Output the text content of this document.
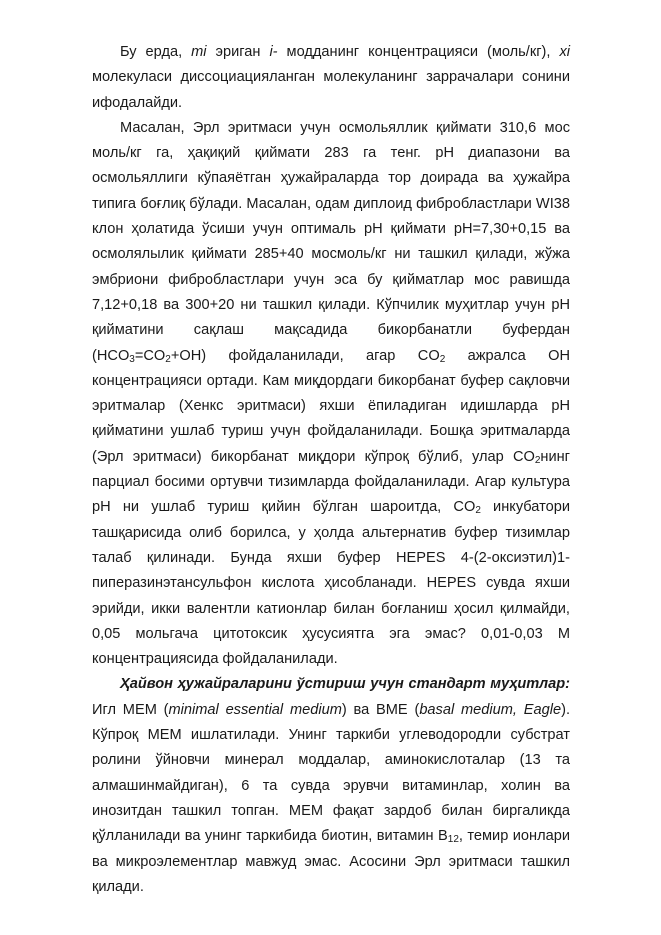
Бу ерда, mi эриган i- модданинг концентрацияси (моль/кг), xi молекуласи диссоциацияланган молекуланинг заррачалари сонини ифодалайди.

Масалан, Эрл эритмаси учун осмольяллик қиймати 310,6 мос моль/кг га, ҳақиқий қиймати 283 га тенг. pH диапазони ва осмольяллиги кўпаяётган ҳужайраларда тор доирада ва ҳужайра типига боғлиқ бўлади. Масалан, одам диплоид фибробластлари WI38 клон ҳолатида ўсиши учун оптималь pH қиймати pH=7,30+0,15 ва осмолялылик қиймати 285+40 мосмоль/кг ни ташкил қилади, жўжа эмбриони фибробластлари учун эса бу қийматлар мос равишда 7,12+0,18 ва 300+20 ни ташкил қилади. Кўпчилик муҳитлар учун pH қийматини сақлаш мақсадида бикорбанатли буфердан $(HCO_3=CO_2+OH)$ фойдаланилади, агар $CO_2$ ажралса OH концентрацияси ортади. Кам миқдордаги бикорбанат буфер сақловчи эритмалар (Хенкс эритмаси) яхши ёпиладиган идишларда pH қийматини ушлаб туриш учун фойдаланилади. Бошқа эритмаларда (Эрл эритмаси) бикорбанат миқдори кўпроқ бўлиб, улар $CO_2нинг$ парциал босими ортувчи тизимларда фойдаланилади. Агар культура pH ни ушлаб туриш қийин бўлган шароитда, $CO_2$ инкубатори ташқарисида олиб борилса, у ҳолда альтернатив буфер тизимлар талаб қилинади. Бунда яхши буфер HEPES 4-(2-оксиэтил)1-пиперазинэтансульфон кислота ҳисобланади. HEPES сувда яхши эрийди, икки валентли катионлар билан боғланиш ҳосил қилмайди, 0,05 мольгача цитотоксик ҳусусиятга эга эмас? 0,01-0,03 М концентрациясида фойдаланилади.

Ҳайвон ҳужайраларини ўстириш учун стандарт муҳитлар: Игл MEM (minimal essential medium) ва BME (basal medium, Eagle). Кўпроқ MEM ишлатилади. Унинг таркиби углеводородли субстрат ролини ўйновчи минерал моддалар, аминокислоталар (13 та алмашинмайдиган), 6 та сувда эрувчи витаминлар, холин ва инозитдан ташкил топган. MEM фақат зардоб билан биргаликда қўлланилади ва унинг таркибида биотин, витамин $B_{12}$, темир ионлари ва микроэлементлар мавжуд эмас. Асосини Эрл эритмаси ташкил қилади.
